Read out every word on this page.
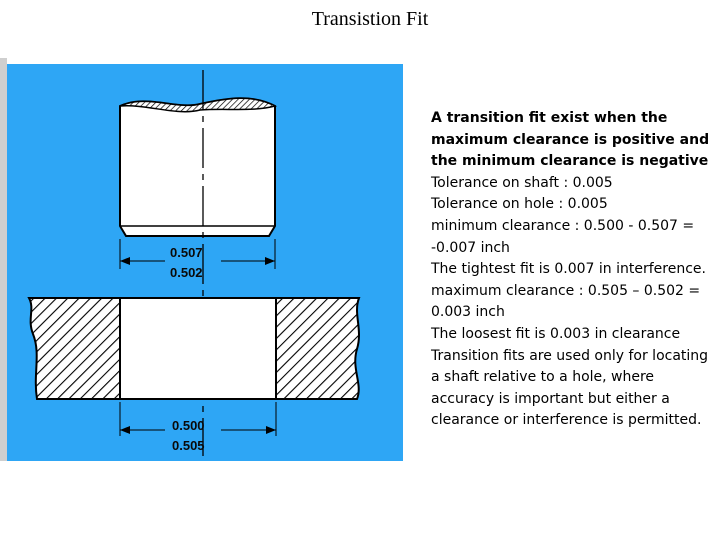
Transistion Fit
0.507
0.502
0.500
0.505

A transition fit exist when the maximum clearance is positive and the minimum clearance is negative

Tolerance on shaft : 0.005

Tolerance on hole : 0.005

minimum clearance : 0.500 - 0.507 = -0.007 inch

The tightest fit is 0.007 in interference.

maximum clearance : 0.505 – 0.502 = 0.003 inch

The loosest fit is 0.003 in clearance

Transition fits are used only for locating a shaft relative to a hole, where accuracy is important but either a clearance or interference is permitted.
